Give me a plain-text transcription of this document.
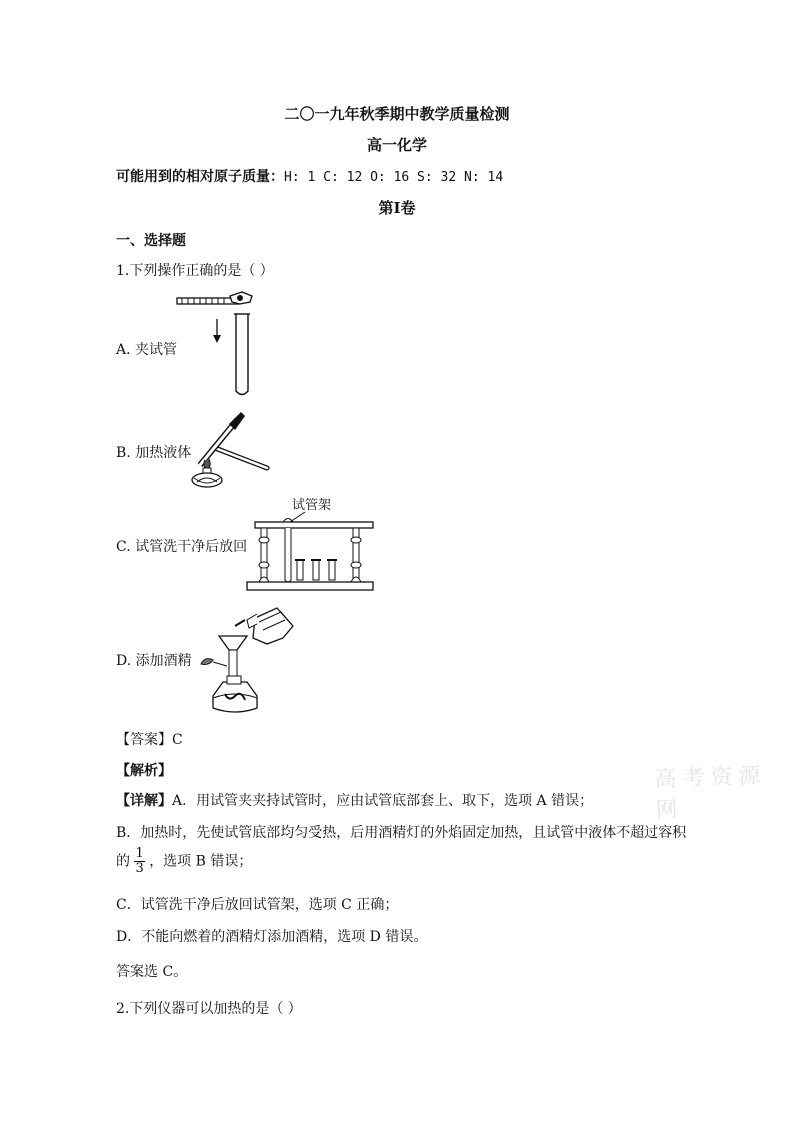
二〇一九年秋季期中教学质量检测
高一化学
可能用到的相对原子质量：H: 1 C: 12 O: 16 S: 32 N: 14
第Ⅰ卷
一、选择题
1.下列操作正确的是（ ）
A. 夹试管
B. 加热液体
C. 试管洗干净后放回
试管架
D. 添加酒精
【答案】C
【解析】	高考资源网
【详解】A．用试管夹夹持试管时，应由试管底部套上、取下，选项 A 错误；
B．加热时，先使试管底部均匀受热，后用酒精灯的外焰固定加热，且试管中液体不超过容积
的 $\frac{1}{3}$ ，选项 B 错误；
C．试管洗干净后放回试管架，选项 C 正确；
D．不能向燃着的酒精灯添加酒精，选项 D 错误。
答案选 C。
2.下列仪器可以加热的是（ ）
